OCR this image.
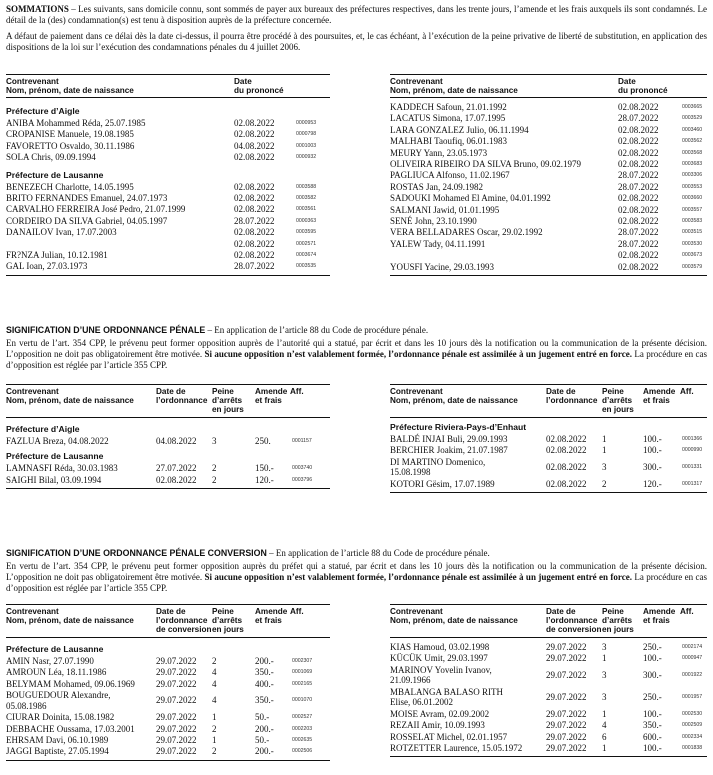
SOMMATIONS – Les suivants, sans domicile connu, sont sommés de payer aux bureaux des préfectures respectives, dans les trente jours, l’amende et les frais auxquels ils sont condamnés. Le détail de la (des) condamnation(s) est tenu à disposition auprès de la préfecture concernée.

A défaut de paiement dans ce délai dès la date ci-dessus, il pourra être procédé à des poursuites, et, le cas échéant, à l’exécution de la peine privative de liberté de substitution, en application des dispositions de la loi sur l’exécution des condamnations pénales du 4 juillet 2006.

Contrevenant
Nom, prénom, date de naissance
Date
du prononcé
Préfecture d’Aigle
ANIBA Mohammed Réda, 25.07.1985	02.08.2022	0000953
CROPANISE Manuele, 19.08.1985	02.08.2022	0000798
FAVORETTO Osvaldo, 30.11.1986	04.08.2022	0001003
SOLA Chris, 09.09.1994	02.08.2022	0000932
Préfecture de Lausanne
BENEZECH Charlotte, 14.05.1995	02.08.2022	0003588
BRITO FERNANDES Emanuel, 24.07.1973	02.08.2022	0003582
CARVALHO FERREIRA José Pedro, 21.07.1999	02.08.2022	0003561
CORDEIRO DA SILVA Gabriel, 04.05.1997	28.07.2022	0000363
DANAILOV Ivan, 17.07.2003	02.08.2022	0003595
02.08.2022	0002571
FR?NZA Julian, 10.12.1981	02.08.2022	0003674
GAL Ioan, 27.03.1973	28.07.2022	0003535
Contrevenant
Nom, prénom, date de naissance
Date
du prononcé
KADDECH Safoun, 21.01.1992	02.08.2022	0003665
LACATUS Simona, 17.07.1995	28.07.2022	0003529
LARA GONZALEZ Julio, 06.11.1994	02.08.2022	0003460
MALHABI Taoufiq, 06.01.1983	02.08.2022	0003562
MEURY Yann, 23.05.1973	02.08.2022	0003568
OLIVEIRA RIBEIRO DA SILVA Bruno, 09.02.1979	02.08.2022	0003683
PAGLIUCA Alfonso, 11.02.1967	28.07.2022	0003306
ROSTAS Jan, 24.09.1982	28.07.2022	0003553
SADOUKI Mohamed El Amine, 04.01.1992	02.08.2022	0003660
SALMANI Jawid, 01.01.1995	02.08.2022	0003557
SENÉ John, 23.10.1990	02.08.2022	0003583
VERA BELLADARES Oscar, 29.02.1992	28.07.2022	0003515
YALEW Tady, 04.11.1991	28.07.2022	0003530
02.08.2022	0003673
YOUSFI Yacine, 29.03.1993	02.08.2022	0003579

SIGNIFICATION D’UNE ORDONNANCE PÉNALE – En application de l’article 88 du Code de procédure pénale.

En vertu de l’art. 354 CPP, le prévenu peut former opposition auprès de l’autorité qui a statué, par écrit et dans les 10 jours dès la notification ou la communication de la présente décision. L’opposition ne doit pas obligatoirement être motivée. Si aucune opposition n’est valablement formée, l’ordonnance pénale est assimilée à un jugement entré en force. La procédure en cas d’opposition est réglée par l’article 355 CPP.

Contrevenant
Nom, prénom, date de naissance
Date de
l’ordonnance
Peine
d’arrêts
en jours
Amende
et frais
Aff.
Préfecture d’Aigle
FAZLUA Breza, 04.08.2022	04.08.2022 3	250.	0001157
Préfecture de Lausanne
LAMNASFI Réda, 30.03.1983	27.07.2022 2	150.-	0003740
SAIGHI Bilal, 03.09.1994	02.08.2022 2	120.-	0003796
Contrevenant
Nom, prénom, date de naissance
Date de
l’ordonnance
Peine
d’arrêts
en jours
Amende
et frais
Aff.
Préfecture Riviera-Pays-d’Enhaut
BALDÉ INJAI Buli, 29.09.1993	02.08.2022 1	100.-	0001366
BERCHIER Joakim, 21.07.1987	02.08.2022 1	100.-	0000990
DI MARTINO Domenico,
15.08.1998
02.08.2022 3	300.-	0001331
KOTORI Gësim, 17.07.1989	02.08.2022 2	120.-	0001317

SIGNIFICATION D’UNE ORDONNANCE PÉNALE CONVERSION – En application de l’article 88 du Code de procédure pénale.

En vertu de l’art. 354 CPP, le prévenu peut former opposition auprès du préfet qui a statué, par écrit et dans les 10 jours dès la notification ou la communication de la présente décision. L’opposition ne doit pas obligatoirement être motivée. Si aucune opposition n’est valablement formée, l’ordonnance pénale est assimilée à un jugement entré en force. La procédure en cas d’opposition est réglée par l’article 355 CPP.

Contrevenant
Nom, prénom, date de naissance
Date de
l’ordonnance
de conversion
Peine
d’arrêts
en jours
Amende
et frais
Aff.
Préfecture de Lausanne
AMIN Nasr, 27.07.1990	29.07.2022 2	200.-	0002307
AMROUN Léa, 18.11.1986	29.07.2022 4	350.-	0001069
BELYMAM Mohamed, 09.06.1969 29.07.2022 4	400.-	0002165
BOUGUEDOUR Alexandre,
05.08.1986
29.07.2022 4	350.-	0001070
CIURAR Doinita, 15.08.1982	29.07.2022 1	50.-	0002527
DEBBACHE Oussama, 17.03.2001 29.07.2022 2	200.-	0002203
EHRSAM Davi, 06.10.1989	29.07.2022 1	50.-	0002635
JAGGI Baptiste, 27.05.1994	29.07.2022 2	200.-	0002506
Contrevenant
Nom, prénom, date de naissance
Date de
l’ordonnance
de conversion
Peine
d’arrêts
en jours
Amende
et frais
Aff.
KIAS Hamoud, 03.02.1998	29.07.2022 3	250.-	0002174
KÜCÜK Umit, 29.03.1997	29.07.2022 1	100.-	0000947
MARINOV Yovelin Ivanov,
21.09.1966
29.07.2022 3	300.-	0001922
MBALANGA BALASO RITH
Elise, 06.01.2002
29.07.2022 3	250.-	0001957
MOISE Avram, 02.09.2002	29.07.2022 1	100.-	0002530
REZAII Amir, 10.09.1993	29.07.2022 4	350.-	0002509
ROSSELAT Michel, 02.01.1957	29.07.2022 6	600.-	0002334
ROTZETTER Laurence, 15.05.1972	29.07.2022 1	100.-	0001838
